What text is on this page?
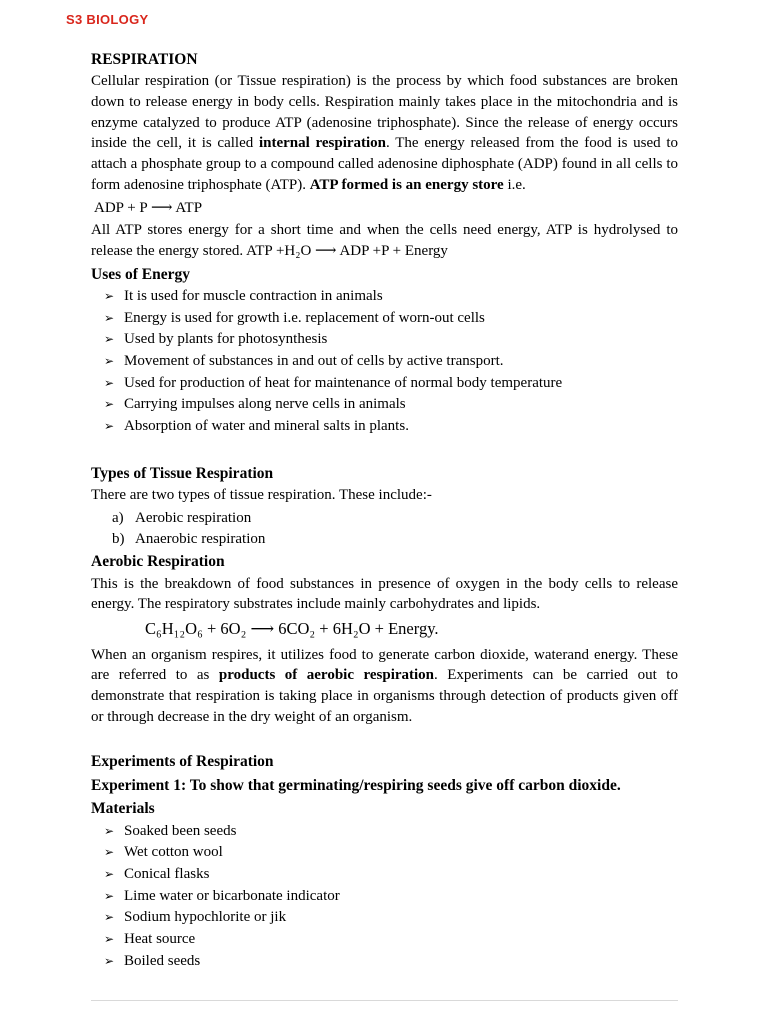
S3 BIOLOGY
RESPIRATION

Cellular respiration (or Tissue respiration) is the process by which food substances are broken down to release energy in body cells. Respiration mainly takes place in the mitochondria and is enzyme catalyzed to produce ATP (adenosine triphosphate). Since the release of energy occurs inside the cell, it is called internal respiration. The energy released from the food is used to attach a phosphate group to a compound called adenosine diphosphate (ADP) found in all cells to form adenosine triphosphate (ATP). ATP formed is an energy store i.e.

ADP + P ⟶ ATP

All ATP stores energy for a short time and when the cells need energy, ATP is hydrolysed to release the energy stored. ATP +H₂O ⟶ ADP +P + Energy

Uses of Energy
➢ It is used for muscle contraction in animals
➢ Energy is used for growth i.e. replacement of worn-out cells
➢ Used by plants for photosynthesis
➢ Movement of substances in and out of cells by active transport.
➢ Used for production of heat for maintenance of normal body temperature
➢ Carrying impulses along nerve cells in animals
➢ Absorption of water and mineral salts in plants.
Types of Tissue Respiration

There are two types of tissue respiration. These include:-

a) Aerobic respiration
b) Anaerobic respiration
Aerobic Respiration

This is the breakdown of food substances in presence of oxygen in the body cells to release energy. The respiratory substrates include mainly carbohydrates and lipids.

C₆H₁₂O₆ + 6O₂ ⟶ 6CO₂ + 6H₂O + Energy.

When an organism respires, it utilizes food to generate carbon dioxide, waterand energy. These are referred to as products of aerobic respiration. Experiments can be carried out to demonstrate that respiration is taking place in organisms through detection of products given off or through decrease in the dry weight of an organism.

Experiments of Respiration
Experiment 1: To show that germinating/respiring seeds give off carbon dioxide.
Materials
➢ Soaked been seeds
➢ Wet cotton wool
➢ Conical flasks
➢ Lime water or bicarbonate indicator
➢ Sodium hypochlorite or jik
➢ Heat source
➢ Boiled seeds
